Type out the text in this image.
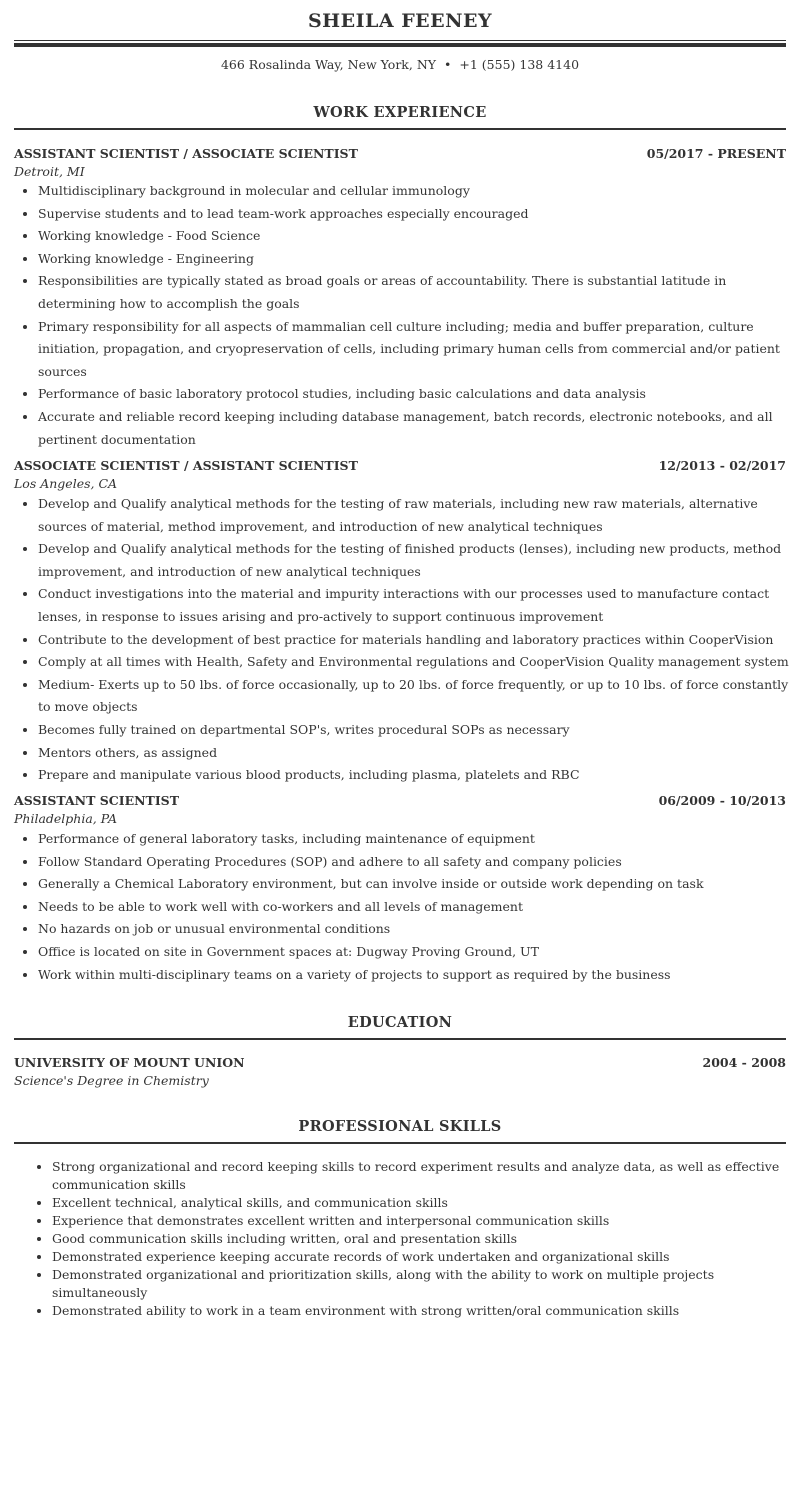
SHEILA FEENEY
466 Rosalinda Way, New York, NY • +1 (555) 138 4140
WORK EXPERIENCE
ASSISTANT SCIENTIST / ASSOCIATE SCIENTIST	05/2017 - PRESENT
Detroit, MI
• Multidisciplinary background in molecular and cellular immunology
• Supervise students and to lead team-work approaches especially encouraged
• Working knowledge - Food Science
• Working knowledge - Engineering
• Responsibilities are typically stated as broad goals or areas of accountability. There is substantial latitude in determining how to accomplish the goals
• Primary responsibility for all aspects of mammalian cell culture including; media and buffer preparation, culture initiation, propagation, and cryopreservation of cells, including primary human cells from commercial and/or patient sources
• Performance of basic laboratory protocol studies, including basic calculations and data analysis
• Accurate and reliable record keeping including database management, batch records, electronic notebooks, and all pertinent documentation
ASSOCIATE SCIENTIST / ASSISTANT SCIENTIST	12/2013 - 02/2017
Los Angeles, CA
• Develop and Qualify analytical methods for the testing of raw materials, including new raw materials, alternative sources of material, method improvement, and introduction of new analytical techniques
• Develop and Qualify analytical methods for the testing of finished products (lenses), including new products, method improvement, and introduction of new analytical techniques
• Conduct investigations into the material and impurity interactions with our processes used to manufacture contact lenses, in response to issues arising and pro-actively to support continuous improvement
• Contribute to the development of best practice for materials handling and laboratory practices within CooperVision
• Comply at all times with Health, Safety and Environmental regulations and CooperVision Quality management system
• Medium- Exerts up to 50 lbs. of force occasionally, up to 20 lbs. of force frequently, or up to 10 lbs. of force constantly to move objects
• Becomes fully trained on departmental SOP's, writes procedural SOPs as necessary
• Mentors others, as assigned
• Prepare and manipulate various blood products, including plasma, platelets and RBC
ASSISTANT SCIENTIST	06/2009 - 10/2013
Philadelphia, PA
• Performance of general laboratory tasks, including maintenance of equipment
• Follow Standard Operating Procedures (SOP) and adhere to all safety and company policies
• Generally a Chemical Laboratory environment, but can involve inside or outside work depending on task
• Needs to be able to work well with co-workers and all levels of management
• No hazards on job or unusual environmental conditions
• Office is located on site in Government spaces at: Dugway Proving Ground, UT
• Work within multi-disciplinary teams on a variety of projects to support as required by the business
EDUCATION
UNIVERSITY OF MOUNT UNION	2004 - 2008
Science's Degree in Chemistry
PROFESSIONAL SKILLS
• Strong organizational and record keeping skills to record experiment results and analyze data, as well as effective communication skills
• Excellent technical, analytical skills, and communication skills
• Experience that demonstrates excellent written and interpersonal communication skills
• Good communication skills including written, oral and presentation skills
• Demonstrated experience keeping accurate records of work undertaken and organizational skills
• Demonstrated organizational and prioritization skills, along with the ability to work on multiple projects simultaneously
• Demonstrated ability to work in a team environment with strong written/oral communication skills
